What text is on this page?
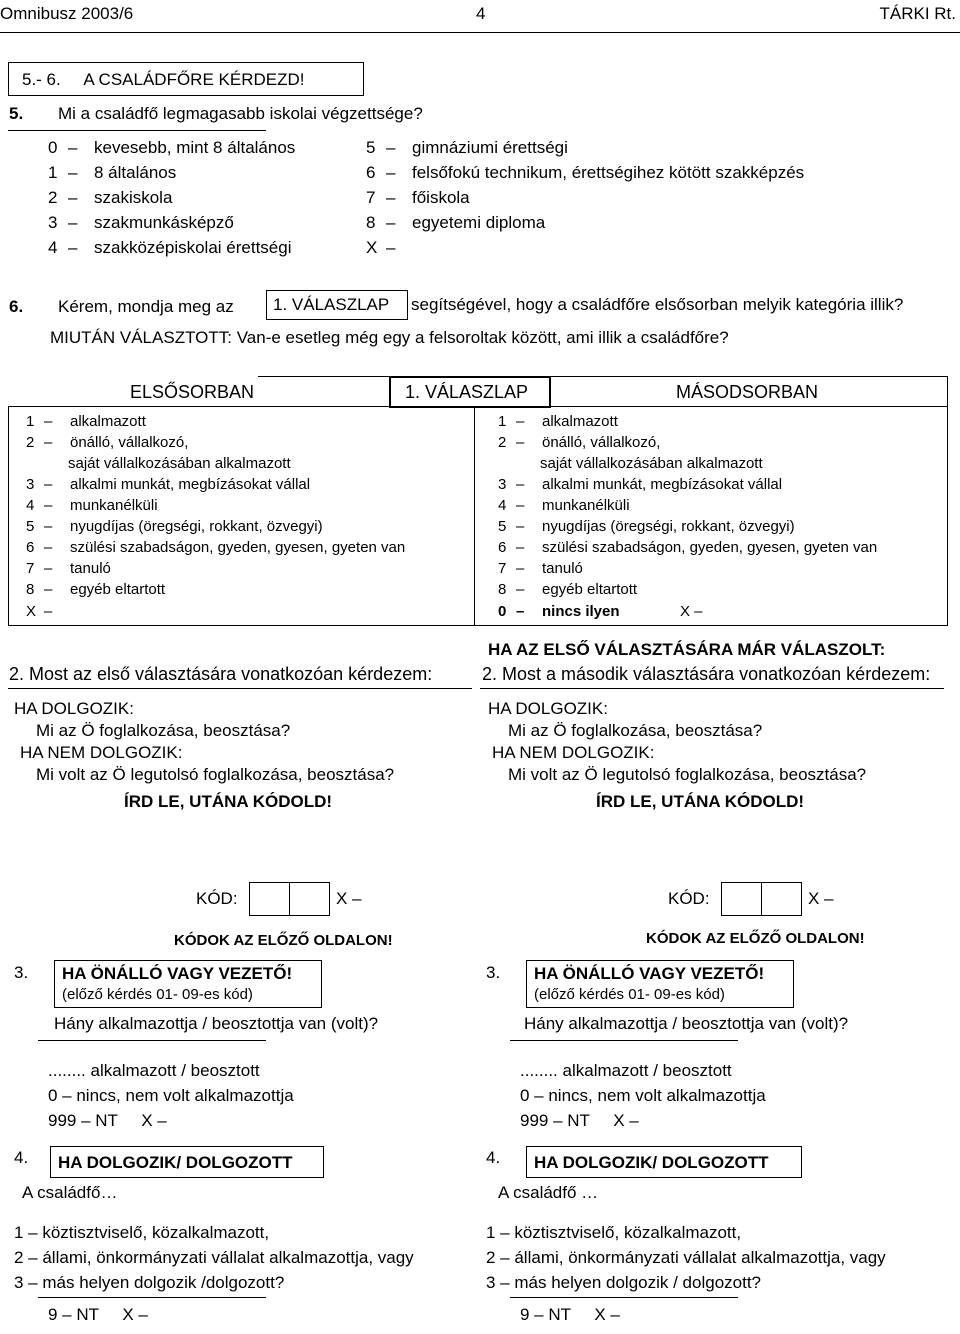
Omnibusz 2003/6	4	TÁRKI Rt.
5.- 6.     A CSALÁDFŐRE KÉRDEZD!
5. Mi a családfő legmagasabb iskolai végzettsége?
0 – kevesebb, mint 8 általános
1 – 8 általános
2 – szakiskola
3 – szakmunkásképző
4 – szakközépiskolai érettségi
5 – gimnáziumi érettségi
6 – felsőfokú technikum, érettségihez kötött szakképzés
7 – főiskola
8 – egyetemi diploma
X –
6. Kérem, mondja meg az 1. VÁLASZLAP segítségével, hogy a családfőre elsősorban melyik kategória illik?
MIUTÁN VÁLASZTOTT: Van-e esetleg még egy a felsoroltak között, ami illik a családfőre?
ELSŐSORBAN	1. VÁLASZLAP	MÁSODSORBAN
1 – alkalmazott
2 – önálló, vállalkozó,
saját vállalkozásában alkalmazott
3 – alkalmi munkát, megbízásokat vállal
4 – munkanélküli
5 – nyugdíjas (öregségi, rokkant, özvegyi)
6 – szülési szabadságon, gyeden, gyesen, gyeten van
7 – tanuló
8 – egyéb eltartott
X –
1 – alkalmazott
2 – önálló, vállalkozó,
saját vállalkozásában alkalmazott
3 – alkalmi munkát, megbízásokat vállal
4 – munkanélküli
5 – nyugdíjas (öregségi, rokkant, özvegyi)
6 – szülési szabadságon, gyeden, gyesen, gyeten van
7 – tanuló
8 – egyéb eltartott
0 – nincs ilyen	X –
2. Most az első választására vonatkozóan kérdezem:
HA DOLGOZIK:
Mi az Ö foglalkozása, beosztása?
HA NEM DOLGOZIK:
Mi volt az Ö legutolsó foglalkozása, beosztása?
ÍRD LE, UTÁNA KÓDOLD!
KÓD:	X –
KÓDOK AZ ELŐZŐ OLDALON!
3. HA ÖNÁLLÓ VAGY VEZETŐ!
(előző kérdés 01- 09-es kód)
Hány alkalmazottja / beosztottja van (volt)?
........ alkalmazott / beosztott
0 – nincs, nem volt alkalmazottja
999 – NT     X –
4. HA DOLGOZIK/ DOLGOZOTT
A családfő…
1 – köztisztviselő, közalkalmazott,
2 – állami, önkormányzati vállalat alkalmazottja, vagy
3 – más helyen dolgozik /dolgozott?
9 – NT     X –
HA AZ ELSŐ VÁLASZTÁSÁRA MÁR VÁLASZOLT:
2. Most a második választására vonatkozóan kérdezem:
HA DOLGOZIK:
Mi az Ö foglalkozása, beosztása?
HA NEM DOLGOZIK:
Mi volt az Ö legutolsó foglalkozása, beosztása?
ÍRD LE, UTÁNA KÓDOLD!
KÓD:	X –
KÓDOK AZ ELŐZŐ OLDALON!
3. HA ÖNÁLLÓ VAGY VEZETŐ!
(előző kérdés 01- 09-es kód)
Hány alkalmazottja / beosztottja van (volt)?
........ alkalmazott / beosztott
0 – nincs, nem volt alkalmazottja
999 – NT     X –
4. HA DOLGOZIK/ DOLGOZOTT
A családfő …
1 – köztisztviselő, közalkalmazott,
2 – állami, önkormányzati vállalat alkalmazottja, vagy
3 – más helyen dolgozik / dolgozott?
9 – NT     X –
